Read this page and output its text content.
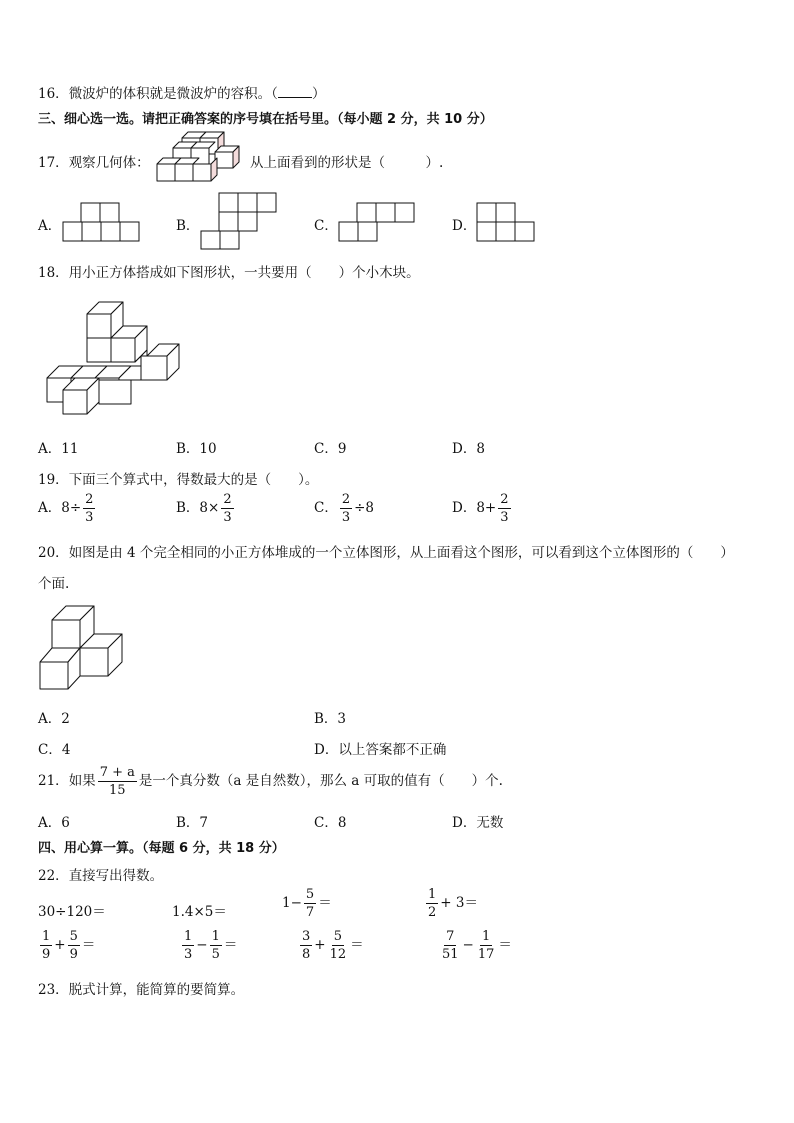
16．微波炉的体积就是微波炉的容积。（	）
三、细心选一选。请把正确答案的序号填在括号里。（每小题 2 分，共 10 分）
17．观察几何体：	从上面看到的形状是（　　　）.
A．	B．	C．	D．
18．用小正方体搭成如下图形状，一共要用（　　）个小木块。
A．11	B．10	C．9	D．8
19．下面三个算式中，得数最大的是（　　）。
A．$8\div \frac{2}{3}$	B．$8\times \frac{2}{3}$	C． $\frac{2}{3} \div 8$	D．$8+ \frac{2}{3}$
20．如图是由 4 个完全相同的小正方体堆成的一个立体图形，从上面看这个图形，可以看到这个立体图形的（　　）
个面.
A．2	B．3
C．4	D．以上答案都不正确
21．如果 $\frac{7 + a}{15}$ 是一个真分数（a 是自然数），那么 a 可取的值有（　　）个.
A．6	B．7	C．8	D．无数
四、用心算一算。（每题 6 分，共 18 分）
22．直接写出得数。
30÷120＝	1.4×5＝
$1- \frac{5}{7}$ ＝	$\frac{1}{2} + 3=$
$\frac{1}{9} + \frac{5}{9}$ ＝	$\frac{1}{3} - \frac{1}{5}$ ＝	$\frac{3}{8} + \frac{5}{12}$ ＝	$\frac{7}{51} - \frac{1}{17}$ ＝
23．脱式计算，能简算的要简算。
